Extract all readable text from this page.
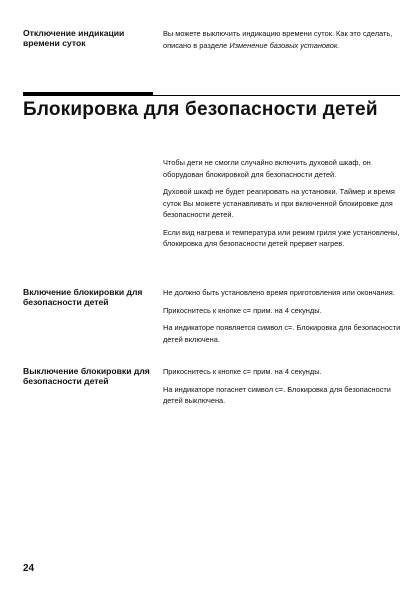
Отключение индикации времени суток
Вы можете выключить индикацию времени суток. Как это сделать, описано в разделе Изменение базовых установок.
Блокировка для безопасности детей

Чтобы дети не смогли случайно включить духовой шкаф, он оборудован блокировкой для безопасности детей.

Духовой шкаф не будет реагировать на установки. Таймер и время суток Вы можете устанавливать и при включенной блокировке для безопасности детей.

Если вид нагрева и температура или режим гриля уже установлены, блокировка для безопасности детей прервет нагрев.

Включение блокировки для безопасности детей

Не должно быть установлено время приготовления или окончания.

Прикоснитесь к кнопке c= прим. на 4 секунды.

На индикаторе появляется символ c=. Блокировка для безопасности детей включена.

Выключение блокировки для безопасности детей

Прикоснитесь к кнопке c= прим. на 4 секунды.

На индикаторе погаснет символ c=. Блокировка для безопасности детей выключена.

24
